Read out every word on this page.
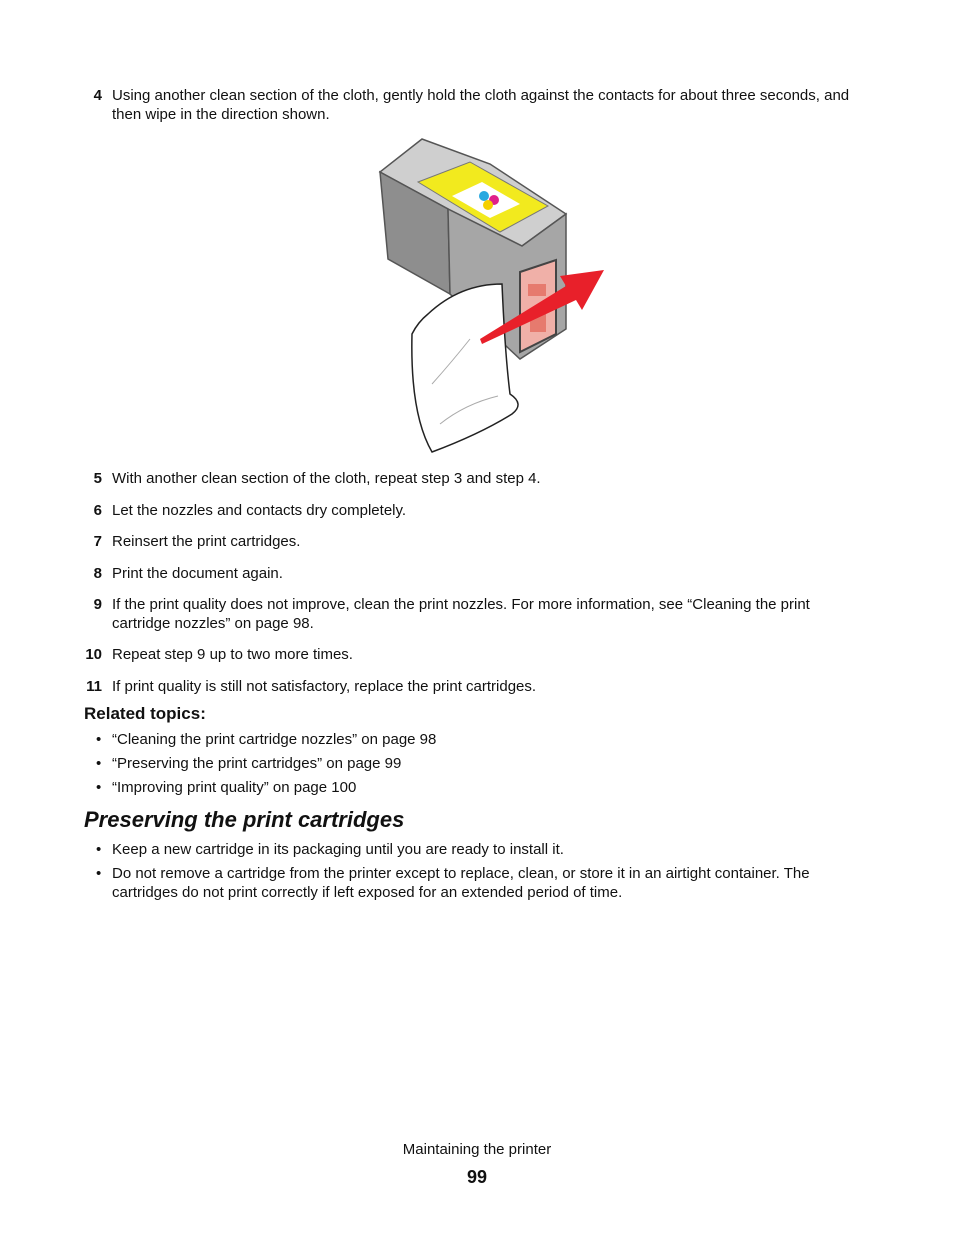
4 Using another clean section of the cloth, gently hold the cloth against the contacts for about three seconds, and then wipe in the direction shown.
5 With another clean section of the cloth, repeat step 3 and step 4.
6 Let the nozzles and contacts dry completely.
7 Reinsert the print cartridges.
8 Print the document again.
9 If the print quality does not improve, clean the print nozzles. For more information, see “Cleaning the print cartridge nozzles” on page 98.
10 Repeat step 9 up to two more times.
11 If print quality is still not satisfactory, replace the print cartridges.
Related topics:
• “Cleaning the print cartridge nozzles” on page 98
• “Preserving the print cartridges” on page 99
• “Improving print quality” on page 100
Preserving the print cartridges
• Keep a new cartridge in its packaging until you are ready to install it.
• Do not remove a cartridge from the printer except to replace, clean, or store it in an airtight container. The cartridges do not print correctly if left exposed for an extended period of time.
Maintaining the printer
99
